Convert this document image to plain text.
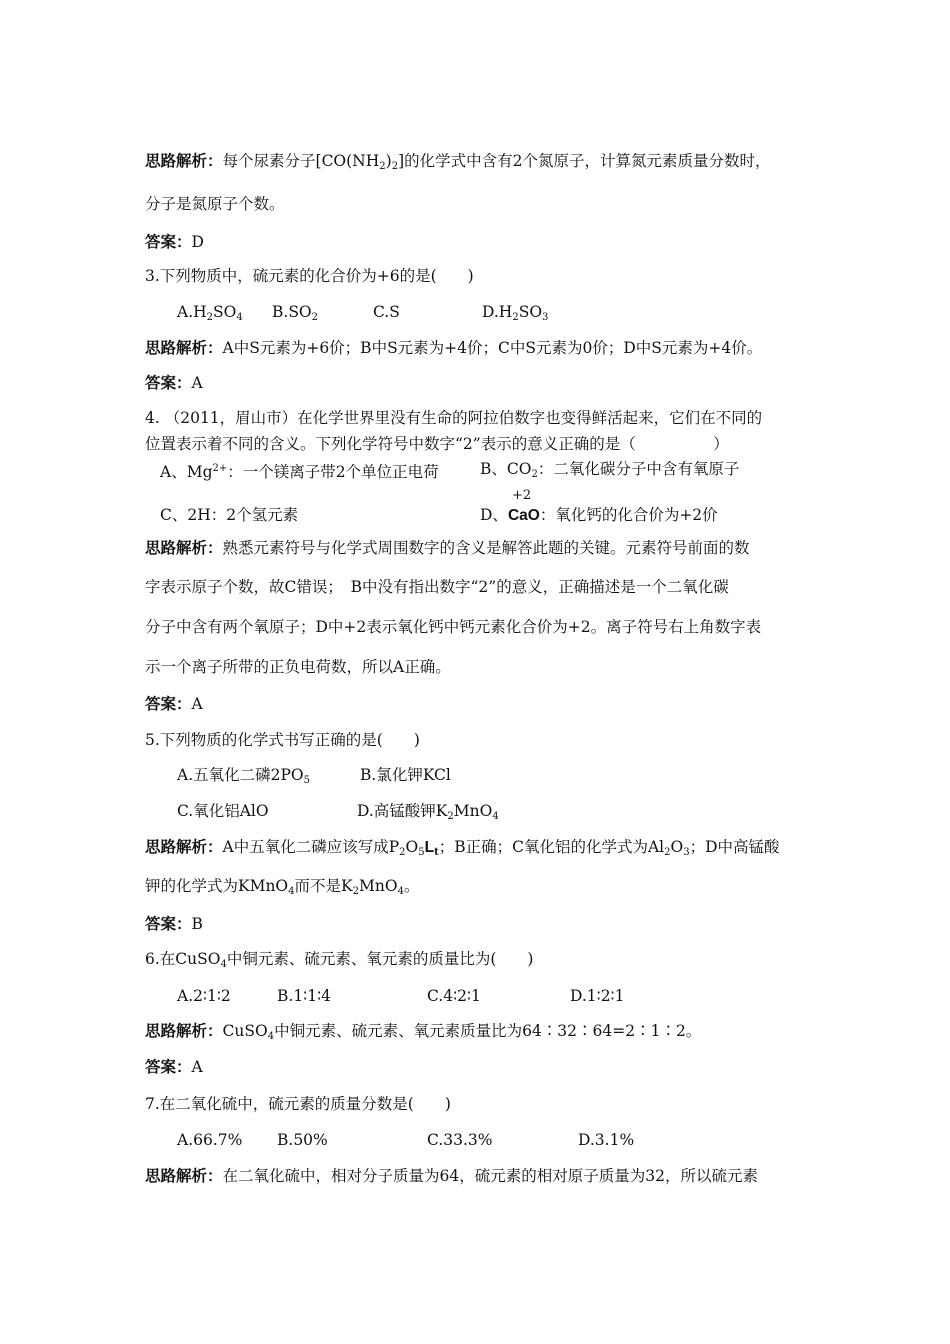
思路解析：每个尿素分子[CO(NH2)2]的化学式中含有2个氮原子，计算氮元素质量分数时，
分子是氮原子个数。
答案：D
3.下列物质中，硫元素的化合价为+6的是(　　)
A.H2SO4 B.SO2	C.S	D.H2SO3
思路解析：A中S元素为+6价；B中S元素为+4价；C中S元素为0价；D中S元素为+4价。
答案：A
4. （2011，眉山市）在化学世界里没有生命的阿拉伯数字也变得鲜活起来，它们在不同的
位置表示着不同的含义。下列化学符号中数字“2”表示的意义正确的是（　　　　　）
A、$Mg^{2+}$：一个镁离子带2个单位正电荷	B、CO2：二氧化碳分子中含有氧原子
+2
C、2H：2个氢元素	D、CaO：氧化钙的化合价为+2价
思路解析：熟悉元素符号与化学式周围数字的含义是解答此题的关键。元素符号前面的数
字表示原子个数，故C错误；　B中没有指出数字“2”的意义，正确描述是一个二氧化碳
分子中含有两个氧原子；D中+2表示氧化钙中钙元素化合价为+2。离子符号右上角数字表
示一个离子所带的正负电荷数，所以A正确。
答案：A
5.下列物质的化学式书写正确的是(　　)
A.五氧化二磷2PO5	B.氯化钾KCl
C.氧化铝AlO	D.高锰酸钾K2MnO4
思路解析：A中五氧化二磷应该写成P2O5Lt；B正确；C氧化铝的化学式为Al2O3；D中高锰酸
钾的化学式为KMnO4而不是K2MnO4。
答案：B
6.在CuSO4中铜元素、硫元素、氧元素的质量比为(　　)
A.2∶1∶2	B.1∶1∶4	C.4∶2∶1	D.1∶2∶1
思路解析：CuSO4中铜元素、硫元素、氧元素质量比为64∶32∶64=2∶1∶2。
答案：A
7.在二氧化硫中，硫元素的质量分数是(　　)
A.66.7% B.50%	C.33.3%	D.3.1%
思路解析：在二氧化硫中，相对分子质量为64，硫元素的相对原子质量为32，所以硫元素
